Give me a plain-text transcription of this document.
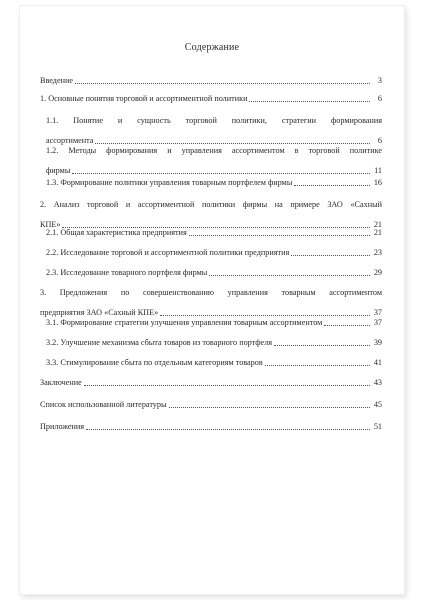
Содержание
Введение	3
1. Основные понятия торговой и ассортиментной политики	6
1.1. Понятие и сущность торговой политики, стратегии формирования
ассортимента	6
1.2. Методы формирования и управления ассортиментом в торговой политике
фирмы	11
1.3. Формирование политики управления товарным портфелем фирмы	16
2. Анализ торговой и ассортиментной политики фирмы на примере ЗАО «Сахный
КПЕ»	21
2.1. Общая характеристика предприятия	21
2.2. Исследование торговой и ассортиментной политики предприятия	23
2.3. Исследование товарного портфеля фирмы	29
3. Предложения по совершенствованию управления товарным ассортиментом
предприятия ЗАО «Сахный КПЕ»	37
3.1. Формирование стратегии улучшения управления товарным ассортиментом	37
3.2. Улучшение механизма сбыта товаров из товарного портфеля	39
3.3. Стимулирование сбыта по отдельным категориям товаров	41
Заключение	43
Список использованной литературы	45
Приложения	51
